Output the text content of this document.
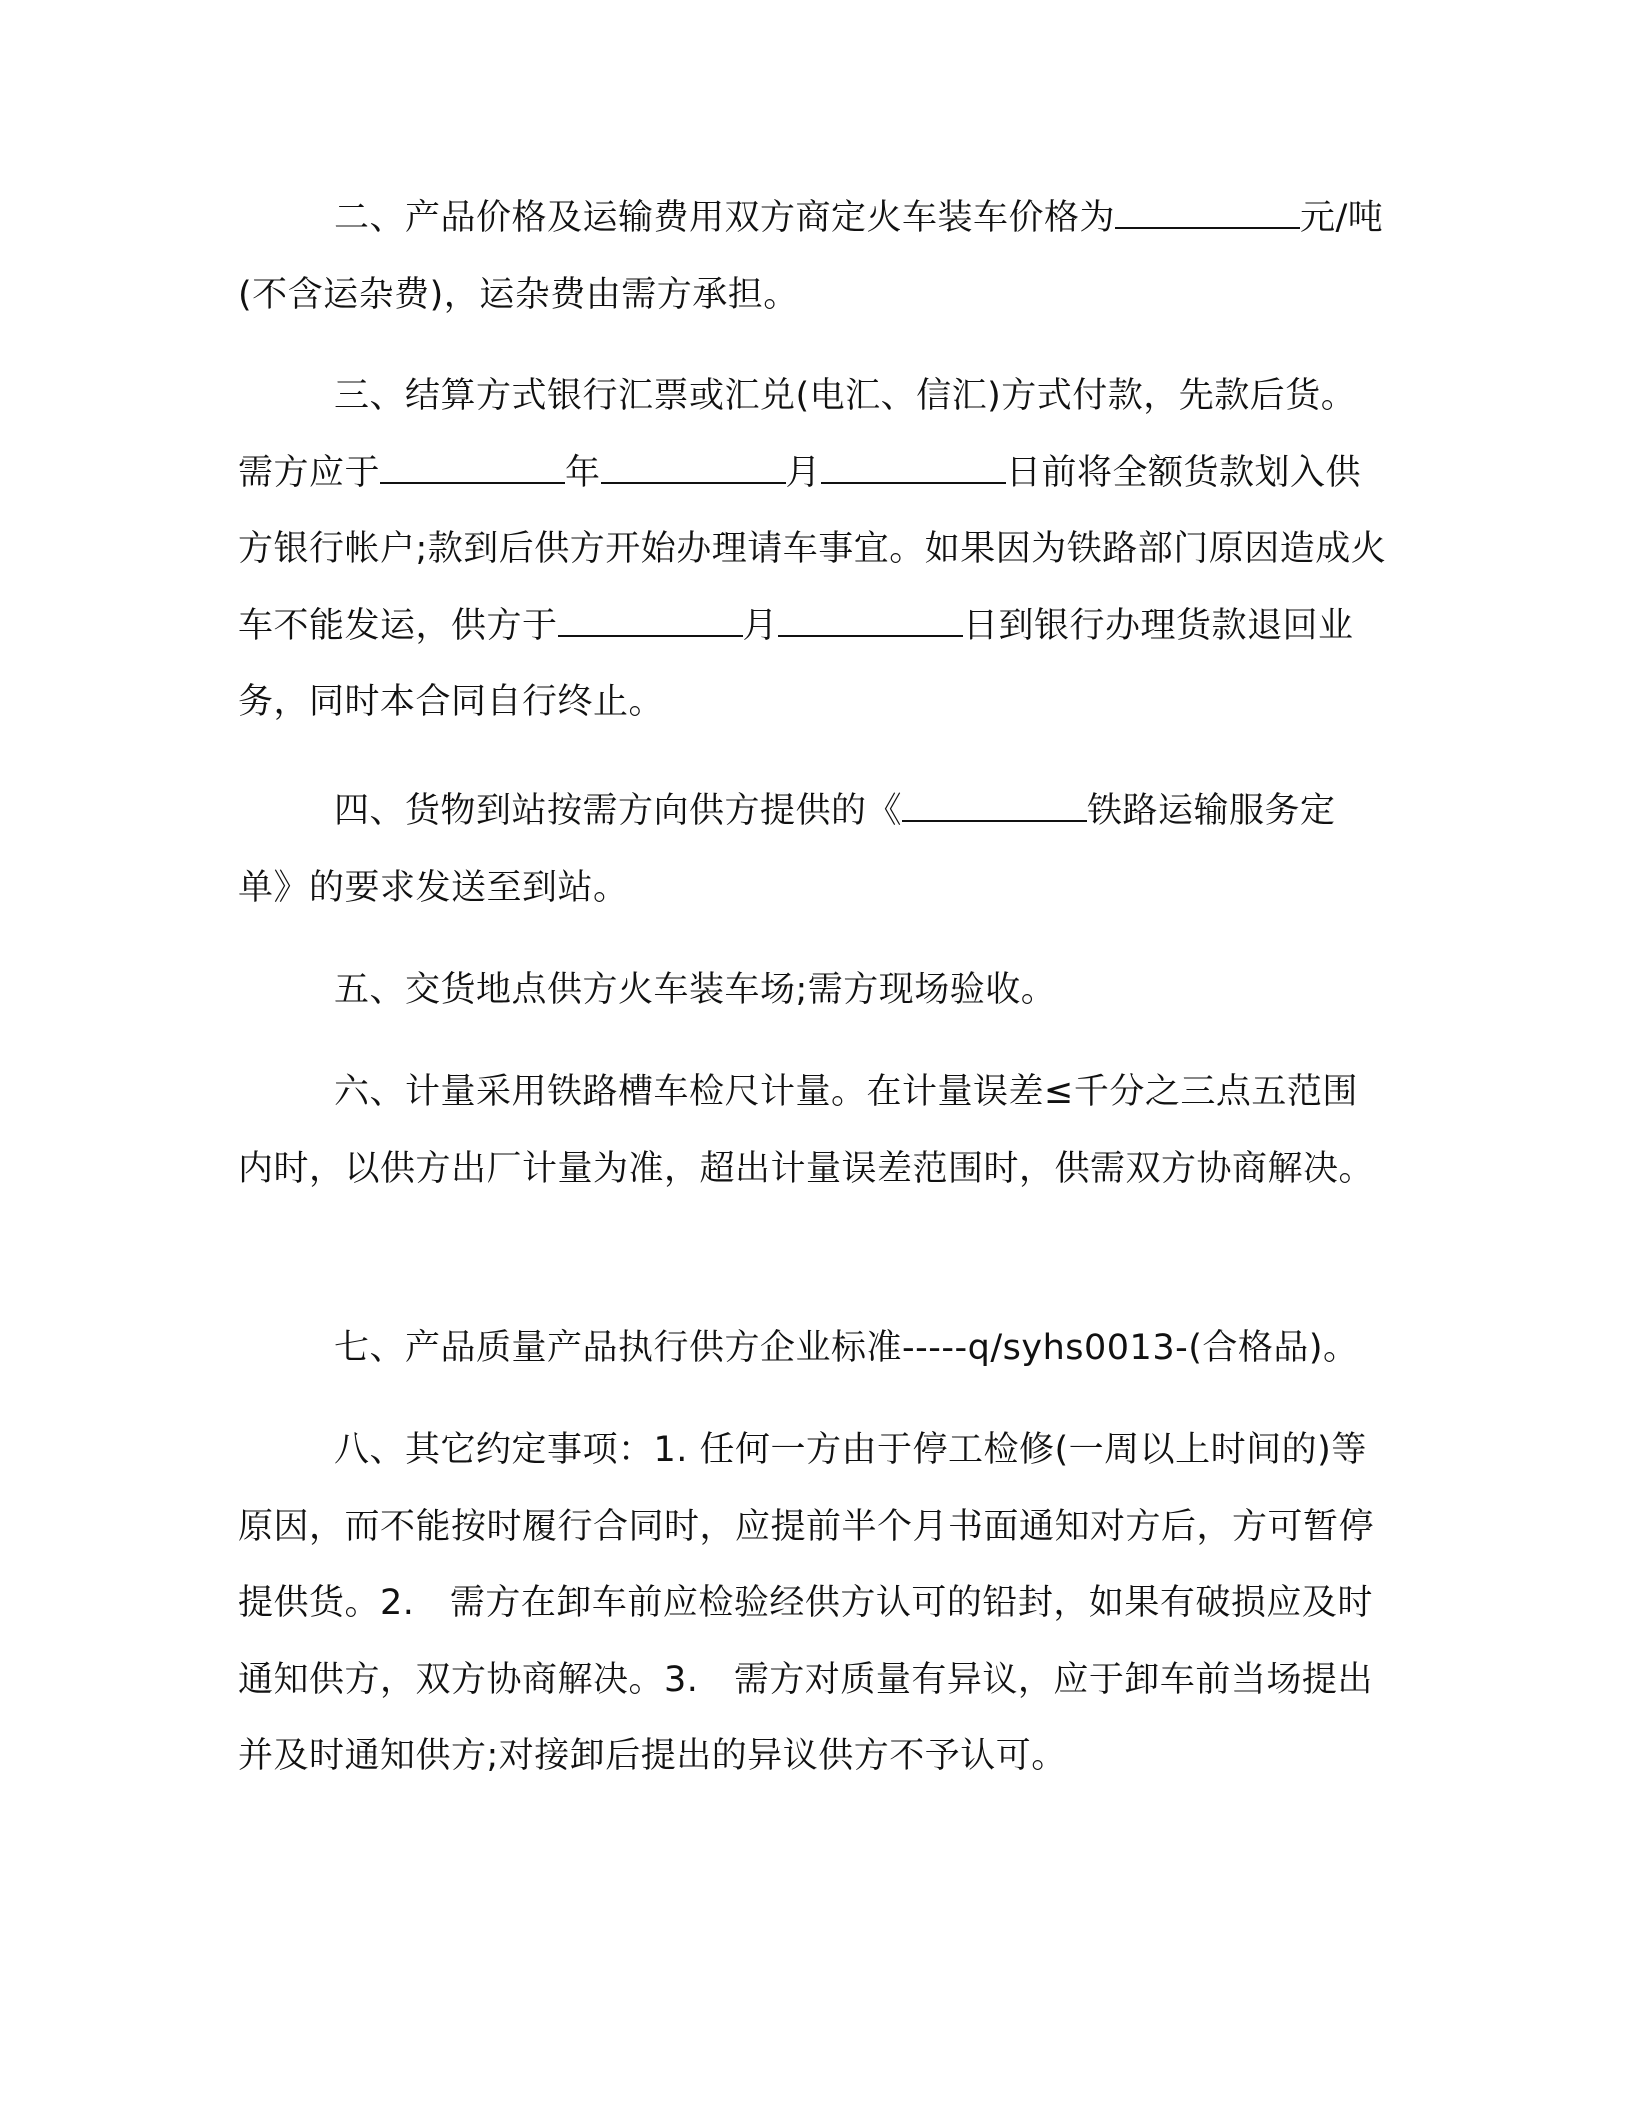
二、产品价格及运输费用双方商定火车装车价格为	元/吨(不含运杂费)，运杂费由需方承担。

三、结算方式银行汇票或汇兑(电汇、信汇)方式付款，先款后货。需方应于	年	月	日前将全额货款划入供方银行帐户;款到后供方开始办理请车事宜。如果因为铁路部门原因造成火车不能发运，供方于	月	日到银行办理货款退回业务，同时本合同自行终止。

四、货物到站按需方向供方提供的《	铁路运输服务定单》的要求发送至到站。

五、交货地点供方火车装车场;需方现场验收。

六、计量采用铁路槽车检尺计量。在计量误差≤千分之三点五范围内时，以供方出厂计量为准，超出计量误差范围时，供需双方协商解决。

七、产品质量产品执行供方企业标准-----q/syhs0013-(合格品)。

八、其它约定事项：1. 任何一方由于停工检修(一周以上时间的)等原因，而不能按时履行合同时，应提前半个月书面通知对方后，方可暂停提供货。2.　需方在卸车前应检验经供方认可的铅封，如果有破损应及时通知供方，双方协商解决。3.　需方对质量有异议，应于卸车前当场提出并及时通知供方;对接卸后提出的异议供方不予认可。
